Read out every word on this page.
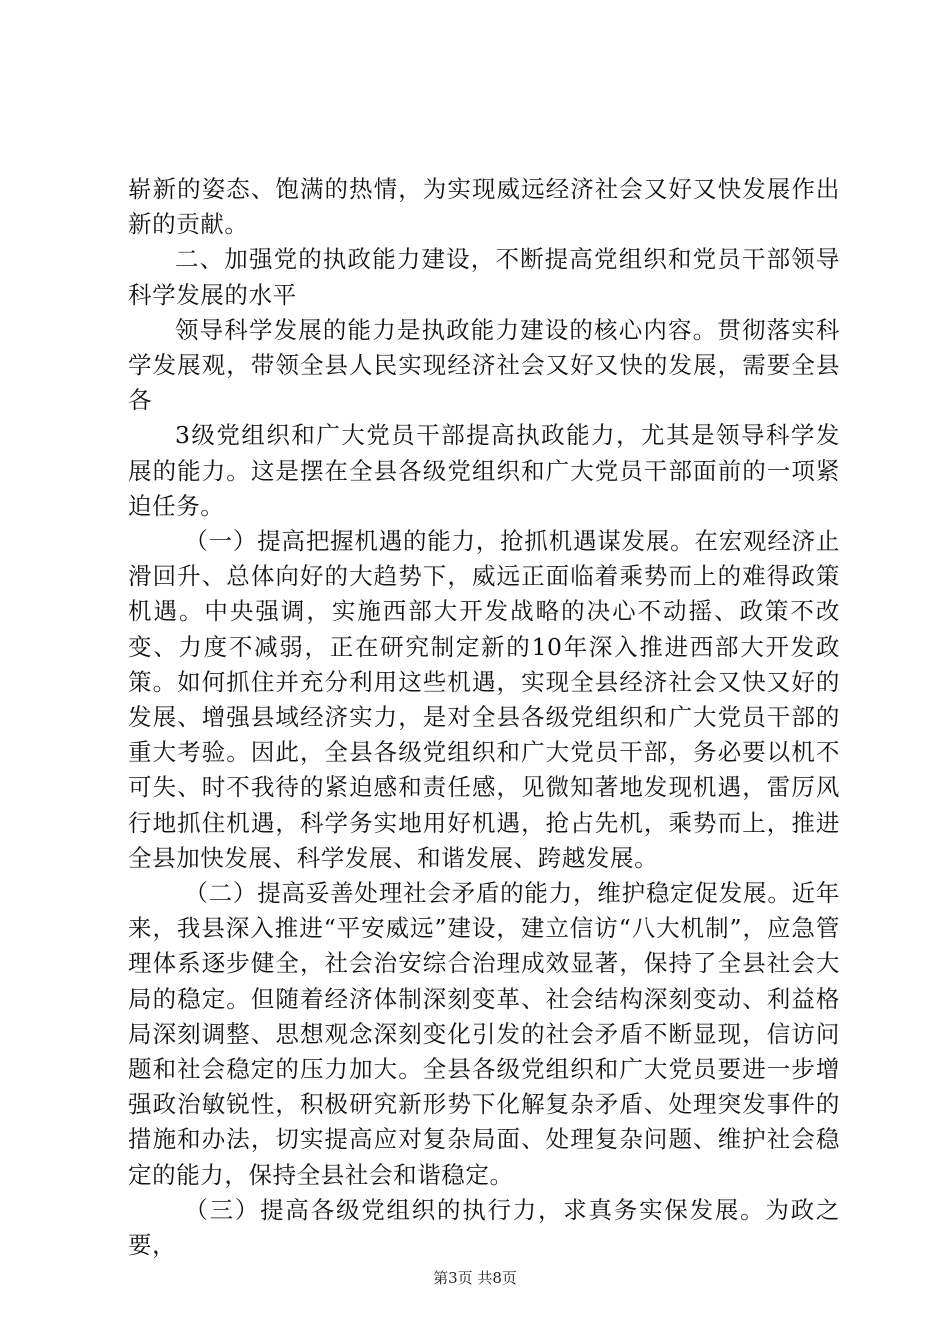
崭新的姿态、饱满的热情，为实现威远经济社会又好又快发展作出新的贡献。

二、加强党的执政能力建设，不断提高党组织和党员干部领导科学发展的水平

领导科学发展的能力是执政能力建设的核心内容。贯彻落实科学发展观，带领全县人民实现经济社会又好又快的发展，需要全县各

3级党组织和广大党员干部提高执政能力，尤其是领导科学发展的能力。这是摆在全县各级党组织和广大党员干部面前的一项紧迫任务。

（一）提高把握机遇的能力，抢抓机遇谋发展。在宏观经济止滑回升、总体向好的大趋势下，威远正面临着乘势而上的难得政策机遇。中央强调，实施西部大开发战略的决心不动摇、政策不改变、力度不减弱，正在研究制定新的10年深入推进西部大开发政策。如何抓住并充分利用这些机遇，实现全县经济社会又快又好的发展、增强县域经济实力，是对全县各级党组织和广大党员干部的重大考验。因此，全县各级党组织和广大党员干部，务必要以机不可失、时不我待的紧迫感和责任感，见微知著地发现机遇，雷厉风行地抓住机遇，科学务实地用好机遇，抢占先机，乘势而上，推进全县加快发展、科学发展、和谐发展、跨越发展。

（二）提高妥善处理社会矛盾的能力，维护稳定促发展。近年来，我县深入推进“平安威远”建设，建立信访“八大机制”，应急管理体系逐步健全，社会治安综合治理成效显著，保持了全县社会大局的稳定。但随着经济体制深刻变革、社会结构深刻变动、利益格局深刻调整、思想观念深刻变化引发的社会矛盾不断显现，信访问题和社会稳定的压力加大。全县各级党组织和广大党员要进一步增强政治敏锐性，积极研究新形势下化解复杂矛盾、处理突发事件的措施和办法，切实提高应对复杂局面、处理复杂问题、维护社会稳定的能力，保持全县社会和谐稳定。

（三）提高各级党组织的执行力，求真务实保发展。为政之要，

第3页 共8页
